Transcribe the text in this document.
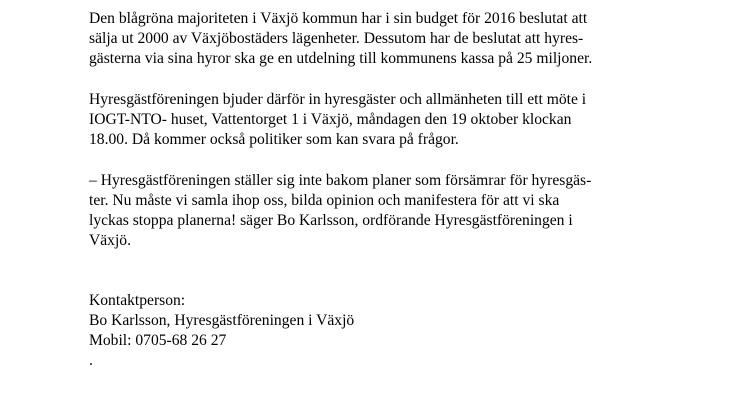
Den blågröna majoriteten i Växjö kommun har i sin budget för 2016 beslutat att
sälja ut 2000 av Växjöbostäders lägenheter. Dessutom har de beslutat att hyres-
gästerna via sina hyror ska ge en utdelning till kommunens kassa på 25 miljoner.
Hyresgästföreningen bjuder därför in hyresgäster och allmänheten till ett möte i
IOGT-NTO- huset, Vattentorget 1 i Växjö, måndagen den 19 oktober klockan
18.00. Då kommer också politiker som kan svara på frågor.
– Hyresgästföreningen ställer sig inte bakom planer som försämrar för hyresgäs-
ter. Nu måste vi samla ihop oss, bilda opinion och manifestera för att vi ska
lyckas stoppa planerna! säger Bo Karlsson, ordförande Hyresgästföreningen i
Växjö.
Kontaktperson:
Bo Karlsson, Hyresgästföreningen i Växjö
Mobil: 0705-68 26 27
.
